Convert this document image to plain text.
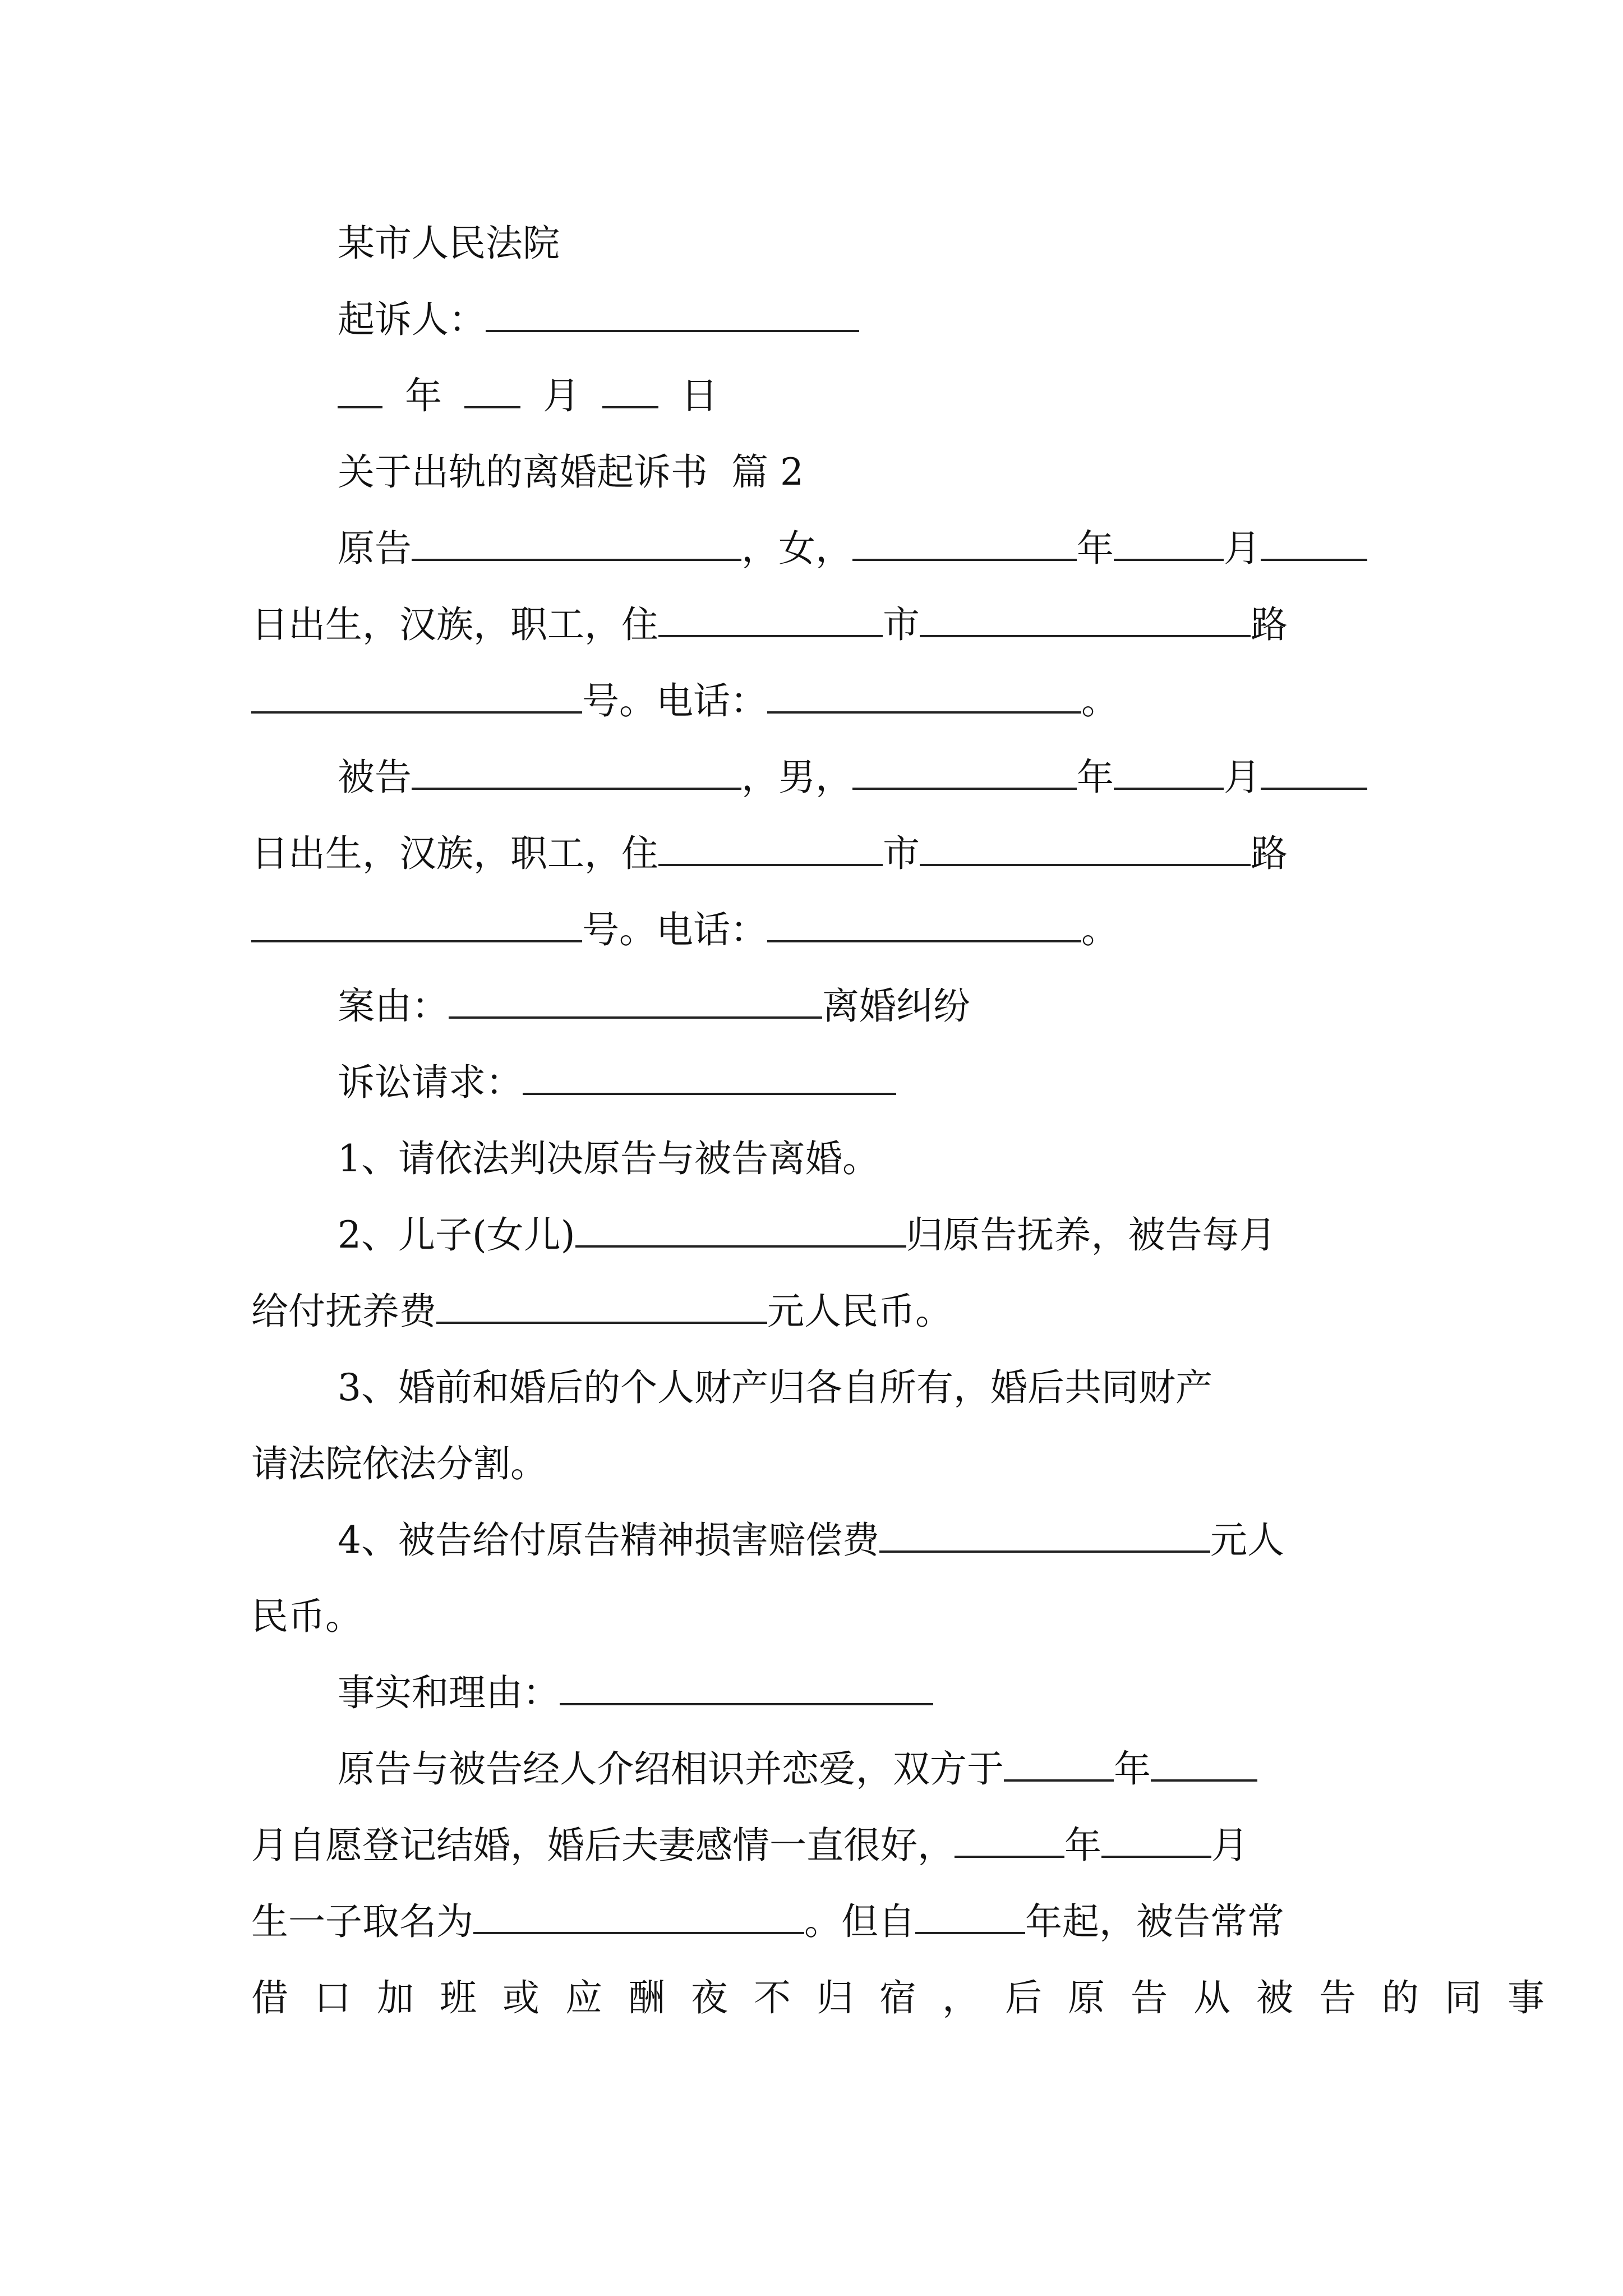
某市人民法院
起诉人：
年	月	日
关于出轨的离婚起诉书  篇 2
原告	，女，	年	月
日出生，汉族，职工，住	市	路
号。电话：	。
被告	，男，	年	月
日出生，汉族，职工，住	市	路
号。电话：	。
案由：	离婚纠纷
诉讼请求：
1、请依法判决原告与被告离婚。
2、儿子(女儿)	归原告抚养，被告每月
给付抚养费	元人民币。
3、婚前和婚后的个人财产归各自所有，婚后共同财产
请法院依法分割。
4、被告给付原告精神损害赔偿费	元人
民币。
事实和理由：
原告与被告经人介绍相识并恋爱，双方于	年
月自愿登记结婚，婚后夫妻感情一直很好，	年	月
生一子取名为	。但自	年起，被告常常
借口加班或应酬夜不归宿，后原告从被告的同事
